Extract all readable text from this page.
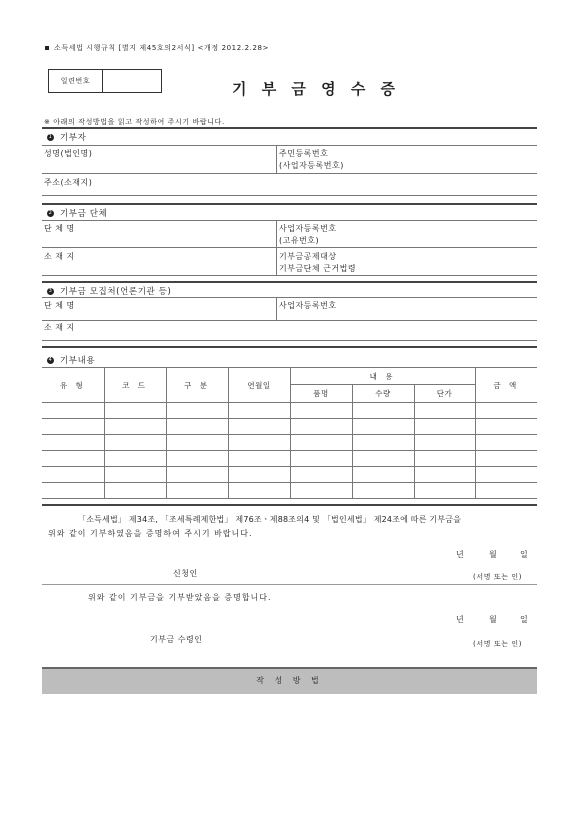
소득세법 시행규칙 [별지 제45호의2서식] <개정 2012.2.28>
일련번호	기 부 금 영 수 증
※ 아래의 작성방법을 읽고 작성하여 주시기 바랍니다.
1 기부자
성명(법인명)	주민등록번호
(사업자등록번호)
주소(소재지)
2 기부금 단체
단 체 명	사업자등록번호
(고유번호)
소 재 지	기부금공제대상
기부금단체 근거법령
3 기부금 모집처(언론기관 등)
단 체 명	사업자등록번호
소 재 지
4 기부내용
유 형	코 드	구 분	연월일	내 용			금 액
				품명	수량	단가	

「소득세법」 제34조, 「조세특례제한법」 제76조ㆍ제88조의4 및 「법인세법」 제24조에 따른 기부금을
위와 같이 기부하였음을 증명하여 주시기 바랍니다.
년	월	일
신청인	(서명 또는 인)
위와 같이 기부금을 기부받았음을 증명합니다.
년	월	일
기부금 수령인	(서명 또는 인)
작 성 방 법
